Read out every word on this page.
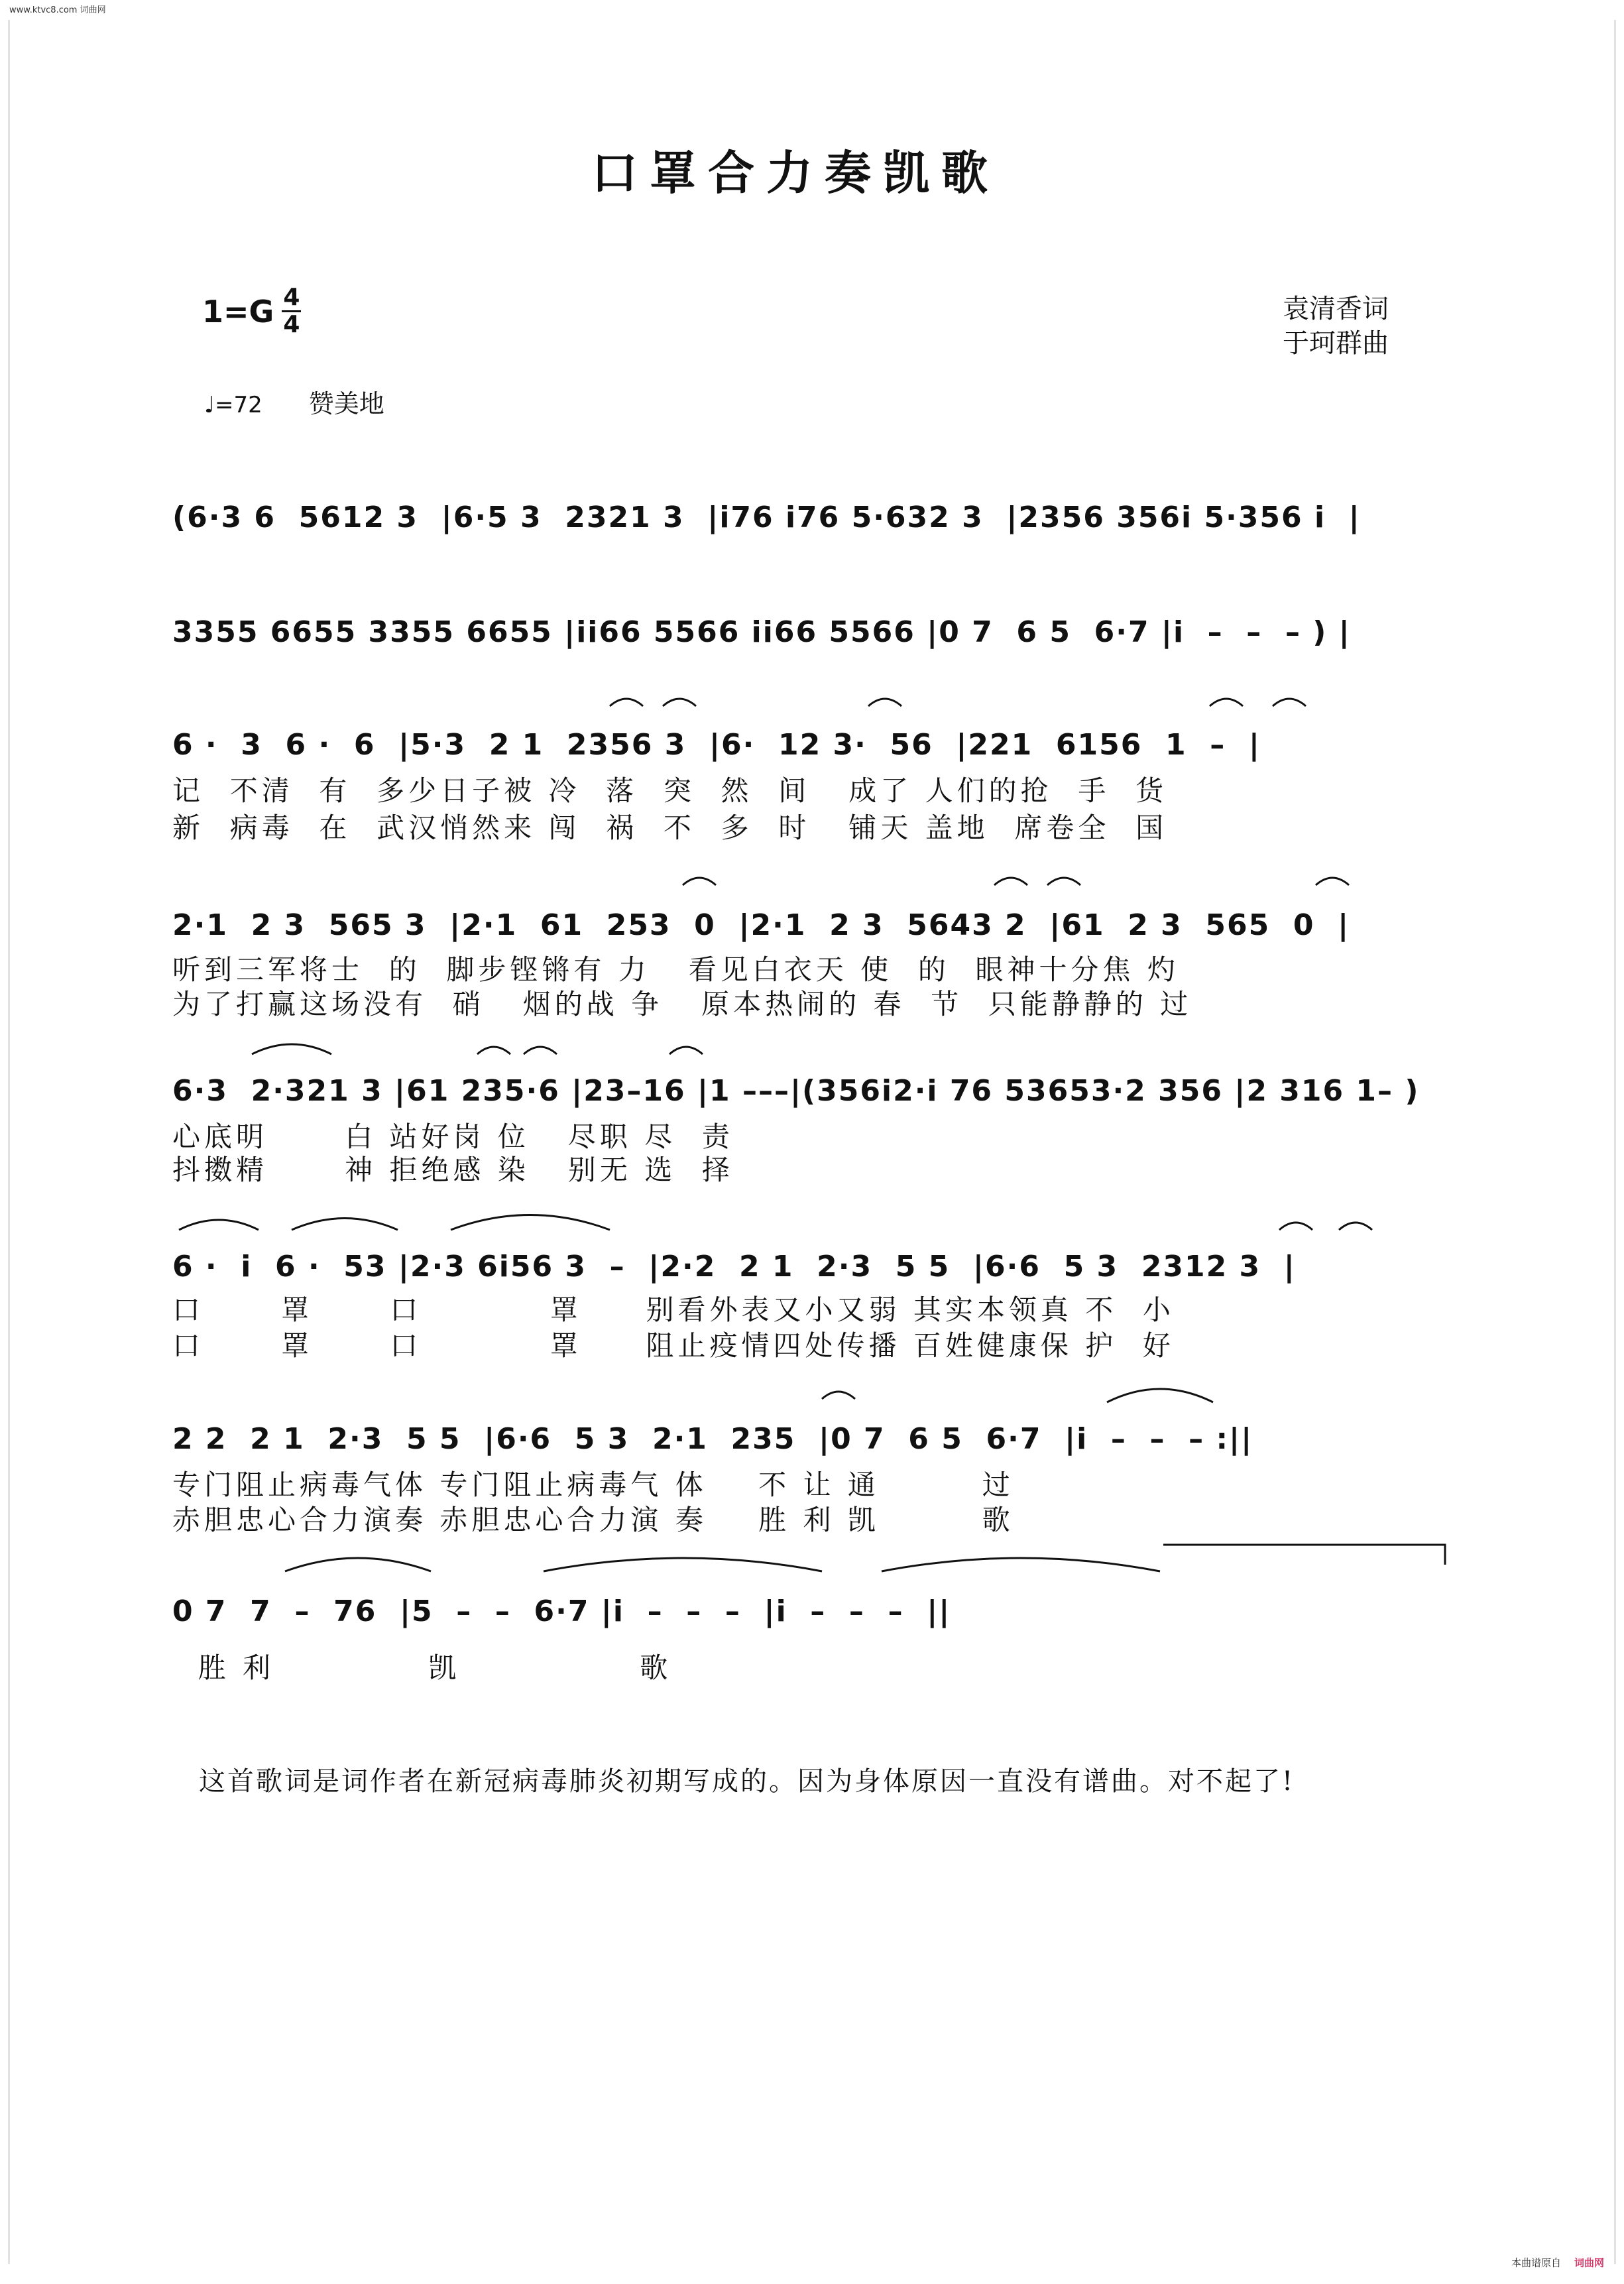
www.ktvc8.com 词曲网
口罩合力奏凯歌
1=G 4
4
袁清香词
于珂群曲
♩=72 赞美地
(6·3 6  5612 3  |6·5 3  2321 3  |i76 i76 5·632 3  |2356 356i 5·356 i  |
3355 6655 3355 6655 |ii66 5566 ii66 5566 |0 7  6 5  6·7 |i  –  –  – ) |
6 ·  3  6 ·  6  |5·3  2 1  2356 3  |6·  12 3·  56  |221  6156  1  –  |
记  不清  有  多少日子被 冷  落  突  然  间   成了 人们的抢  手  货
新  病毒  在  武汉悄然来 闯  祸  不  多  时   铺天 盖地  席卷全  国
2·1  2 3  565 3  |2·1  61  253  0  |2·1  2 3  5643 2  |61  2 3  565  0  |
听到三军将士  的  脚步铿锵有 力   看见白衣天 使  的  眼神十分焦 灼
为了打赢这场没有  硝   烟的战 争   原本热闹的 春  节  只能静静的 过
6·3  2·321 3 |61 235·6 |23–16 |1 –––|(356i2·i 76 53653·2 356 |2 316 1– )
心底明      白 站好岗 位   尽职 尽  责
抖擞精      神 拒绝感 染   别无 选  择
6 ·  i  6 ·  53 |2·3 6i56 3  –  |2·2  2 1  2·3  5 5  |6·6  5 3  2312 3  |
口      罩      口          罩     别看外表又小又弱 其实本领真 不  小
口      罩      口          罩     阻止疫情四处传播 百姓健康保 护  好
2 2  2 1  2·3  5 5  |6·6  5 3  2·1  235  |0 7  6 5  6·7  |i  –  –  – :||
专门阻止病毒气体 专门阻止病毒气 体    不 让 通        过
赤胆忠心合力演奏 赤胆忠心合力演 奏    胜 利 凯        歌
0 7  7  –  76  |5  –  –  6·7 |i  –  –  –  |i  –  –  –  ||
胜 利            凯              歌
这首歌词是词作者在新冠病毒肺炎初期写成的。因为身体原因一直没有谱曲。对不起了!
本曲谱原自 词曲网
